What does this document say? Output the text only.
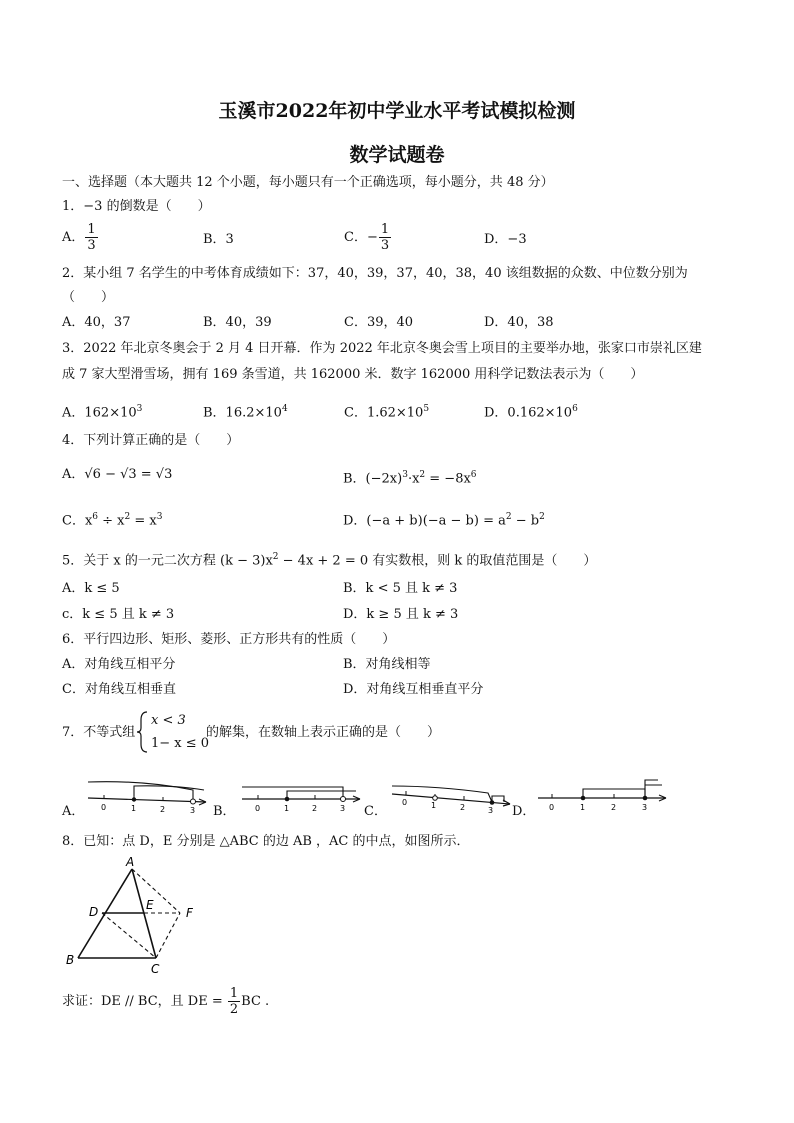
玉溪市2022年初中学业水平考试模拟检测
数学试题卷
一、选择题（本大题共 12 个小题，每小题只有一个正确选项，每小题分，共 48 分）
1．−3 的倒数是（　　）
A． $\frac{1}{3}$	B．3	C．− $\frac{1}{3}$	D．−3
2．某小组 7 名学生的中考体育成绩如下：37，40，39，37，40，38，40 该组数据的众数、中位数分别为
（　　）
A．40，37	B．40，39	C．39，40	D．40，38
3．2022 年北京冬奥会于 2 月 4 日开幕．作为 2022 年北京冬奥会雪上项目的主要举办地，张家口市崇礼区建
成 7 家大型滑雪场，拥有 169 条雪道，共 162000 米．数字 162000 用科学记数法表示为（　　）
A．$162\times 10^3$	B．$16.2\times 10^4$	C．$1.62\times 10^5$	D．$0.162\times 10^6$
4．下列计算正确的是（　　）
A．√6 − √3 = √3	B．$(-2x)^3\cdot x^2 = -8x^6$
C．$x^6 \div x^2 = x^3$	D．$(-a + b)(-a - b) = a^2 - b^2$
5．关于 x 的一元二次方程 $(k - 3)x^2 - 4x + 2 = 0$ 有实数根，则 k 的取值范围是（　　）
A．k ≤ 5	B．k < 5 且 k ≠ 3
c．k ≤ 5 且 k ≠ 3	D．k ≥ 5 且 k ≠ 3
6．平行四边形、矩形、菱形、正方形共有的性质（　　）
A．对角线互相平分	B．对角线相等
C．对角线互相垂直	D．对角线互相垂直平分
7．不等式组
x < 3
1− x ≤ 0
的解集，在数轴上表示正确的是（　　）
A． 0	1	2	3 B． 0	1	2	3 C．
0	1	2	3 D． 0	1	2	3
8．已知：点 D，E 分别是 △ABC 的边 AB ，AC 的中点，如图所示．
A
B
C
D	E
F
求证：DE // BC，且 DE = $\frac{1}{2}$ BC .
